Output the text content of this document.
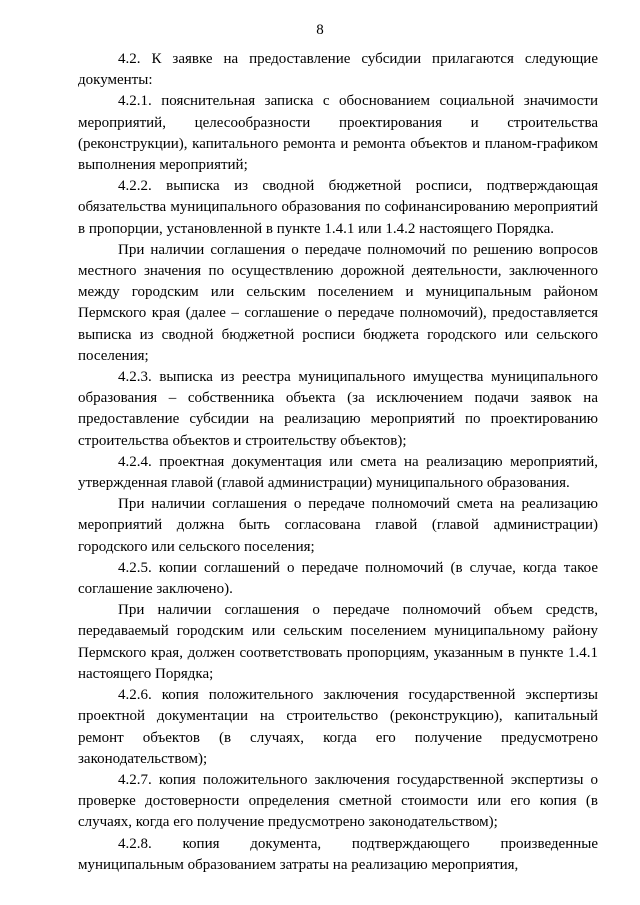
8

4.2. К заявке на предоставление субсидии прилагаются следующие документы:

4.2.1. пояснительная записка с обоснованием социальной значимости мероприятий, целесообразности проектирования и строительства (реконструкции), капитального ремонта и ремонта объектов и планом-графиком выполнения мероприятий;

4.2.2. выписка из сводной бюджетной росписи, подтверждающая обязательства муниципального образования по софинансированию мероприятий в пропорции, установленной в пункте 1.4.1 или 1.4.2 настоящего Порядка.

При наличии соглашения о передаче полномочий по решению вопросов местного значения по осуществлению дорожной деятельности, заключенного между городским или сельским поселением и муниципальным районом Пермского края (далее – соглашение о передаче полномочий), предоставляется выписка из сводной бюджетной росписи бюджета городского или сельского поселения;

4.2.3. выписка из реестра муниципального имущества муниципального образования – собственника объекта (за исключением подачи заявок на предоставление субсидии на реализацию мероприятий по проектированию строительства объектов и строительству объектов);

4.2.4. проектная документация или смета на реализацию мероприятий, утвержденная главой (главой администрации) муниципального образования.

При наличии соглашения о передаче полномочий смета на реализацию мероприятий должна быть согласована главой (главой администрации) городского или сельского поселения;

4.2.5. копии соглашений о передаче полномочий (в случае, когда такое соглашение заключено).

При наличии соглашения о передаче полномочий объем средств, передаваемый городским или сельским поселением муниципальному району Пермского края, должен соответствовать пропорциям, указанным в пункте 1.4.1 настоящего Порядка;

4.2.6. копия положительного заключения государственной экспертизы проектной документации на строительство (реконструкцию), капитальный ремонт объектов (в случаях, когда его получение предусмотрено законодательством);

4.2.7. копия положительного заключения государственной экспертизы о проверке достоверности определения сметной стоимости или его копия (в случаях, когда его получение предусмотрено законодательством);

4.2.8. копия документа, подтверждающего произведенные муниципальным образованием затраты на реализацию мероприятия,
